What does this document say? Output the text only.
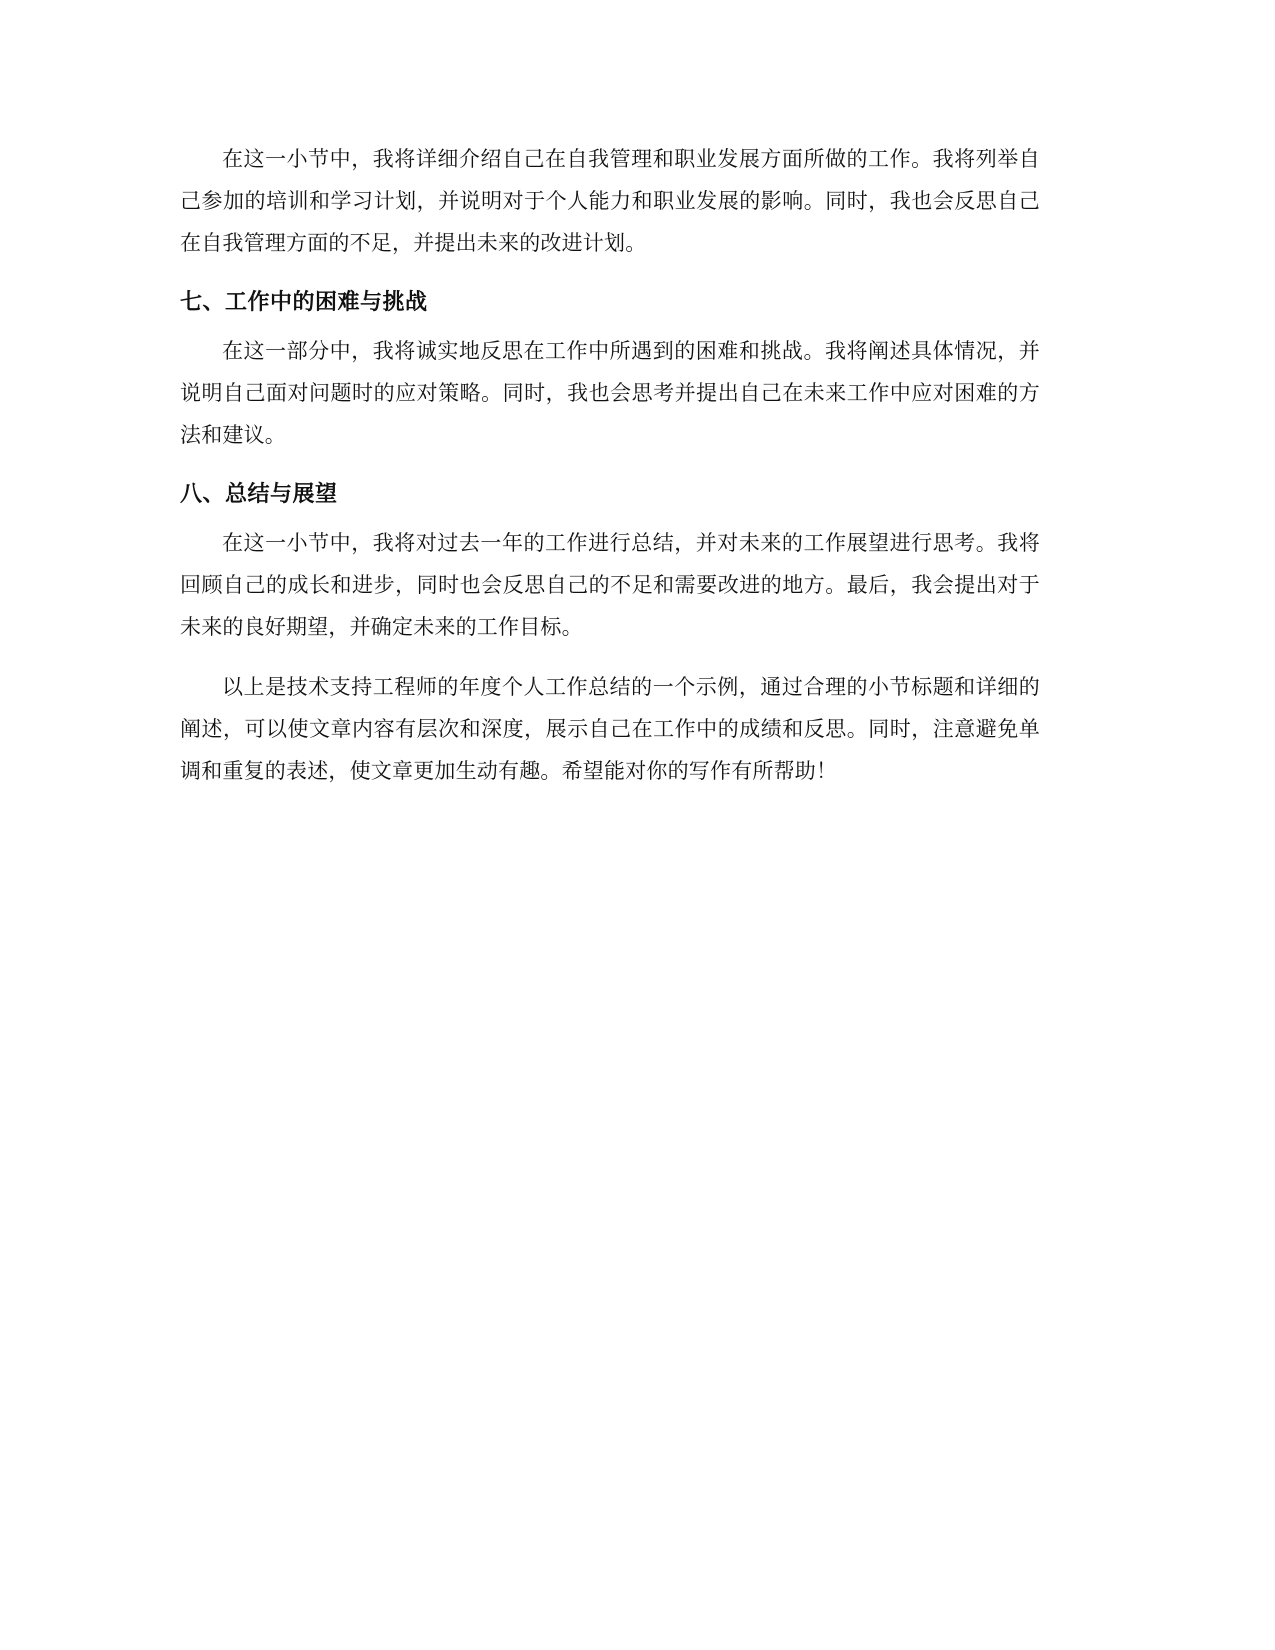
在这一小节中，我将详细介绍自己在自我管理和职业发展方面所做的工作。我将列举自己参加的培训和学习计划，并说明对于个人能力和职业发展的影响。同时，我也会反思自己在自我管理方面的不足，并提出未来的改进计划。

七、工作中的困难与挑战

在这一部分中，我将诚实地反思在工作中所遇到的困难和挑战。我将阐述具体情况，并说明自己面对问题时的应对策略。同时，我也会思考并提出自己在未来工作中应对困难的方法和建议。

八、总结与展望

在这一小节中，我将对过去一年的工作进行总结，并对未来的工作展望进行思考。我将回顾自己的成长和进步，同时也会反思自己的不足和需要改进的地方。最后，我会提出对于未来的良好期望，并确定未来的工作目标。

以上是技术支持工程师的年度个人工作总结的一个示例，通过合理的小节标题和详细的阐述，可以使文章内容有层次和深度，展示自己在工作中的成绩和反思。同时，注意避免单调和重复的表述，使文章更加生动有趣。希望能对你的写作有所帮助！
